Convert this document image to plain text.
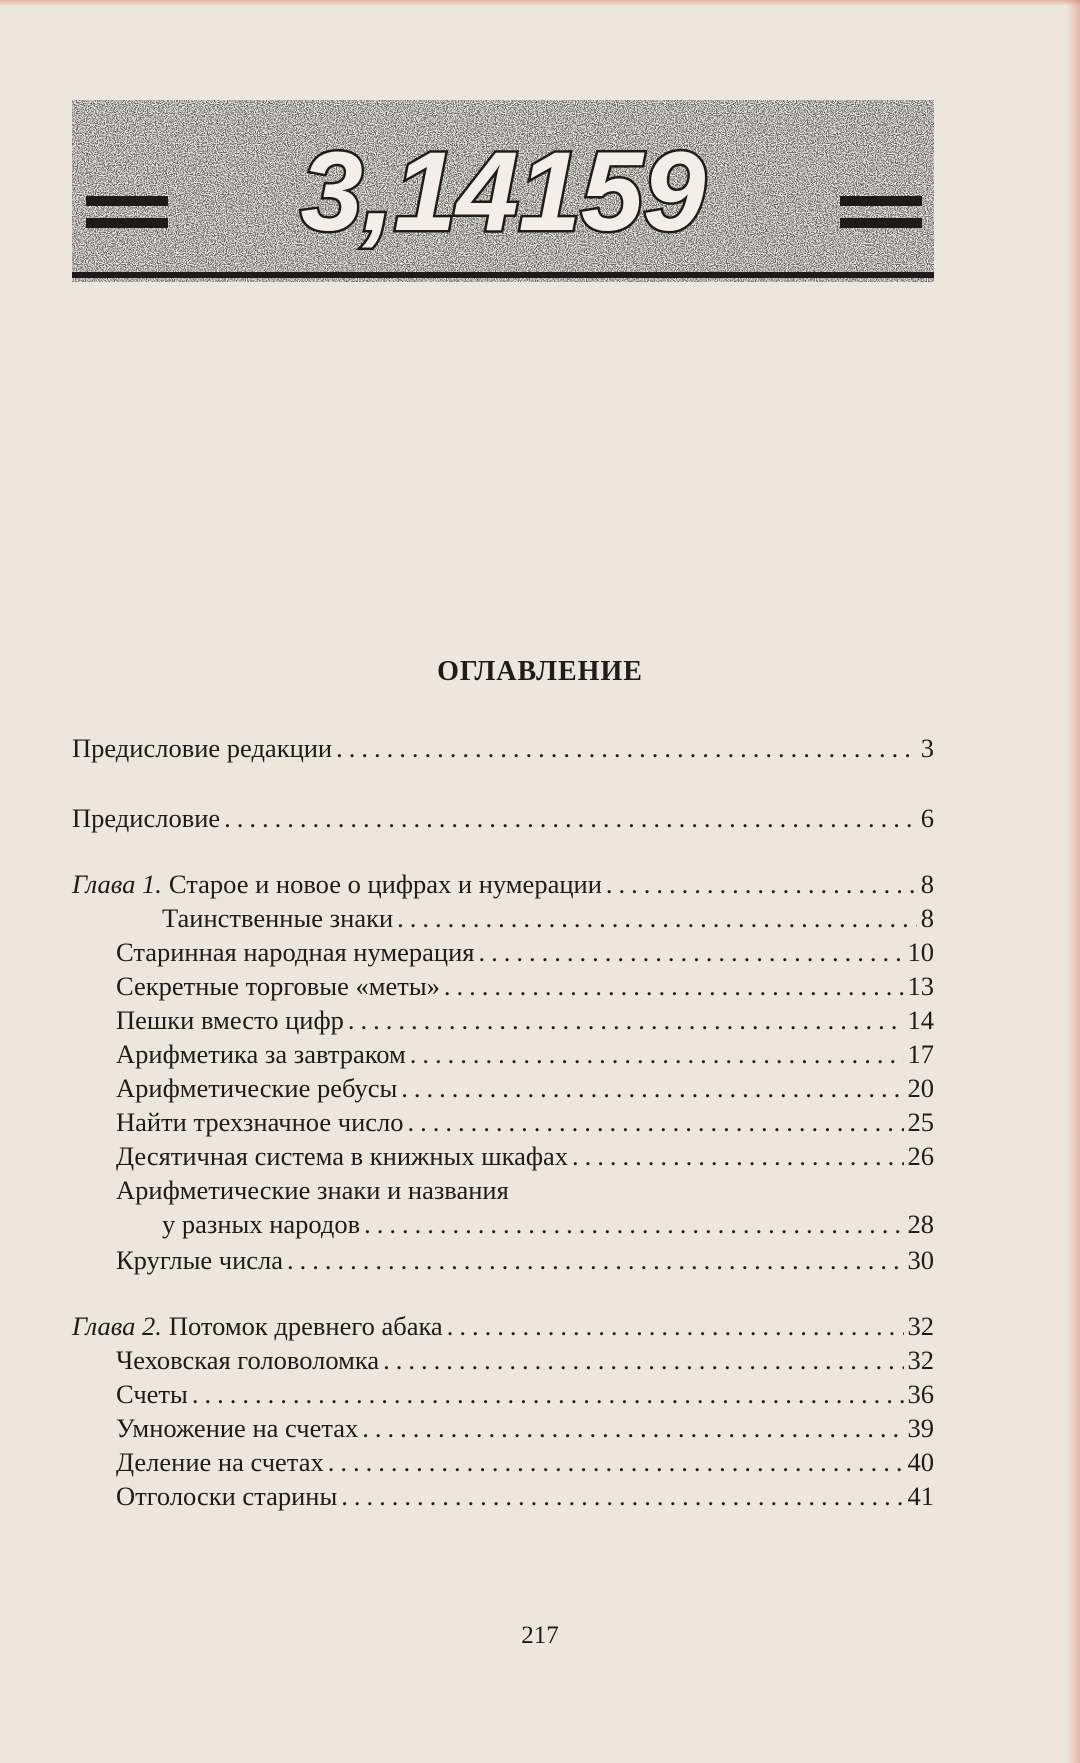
3,14159
ОГЛАВЛЕНИЕ
Предисловие редакции .....	3
Предисловие .....	6
Глава 1. Старое и новое о цифрах и нумерации .....	8
Таинственные знаки .....	8
Старинная народная нумерация .....	10
Секретные торговые «меты» .....	13
Пешки вместо цифр .....	14
Арифметика за завтраком .....	17
Арифметические ребусы .....	20
Найти трехзначное число .....	25
Десятичная система в книжных шкафах .....	26
Арифметические знаки и названия
у разных народов .....	28
Круглые числа .....	30
Глава 2. Потомок древнего абака .....	32
Чеховская головоломка .....	32
Счеты .....	36
Умножение на счетах .....	39
Деление на счетах .....	40
Отголоски старины .....	41
217
